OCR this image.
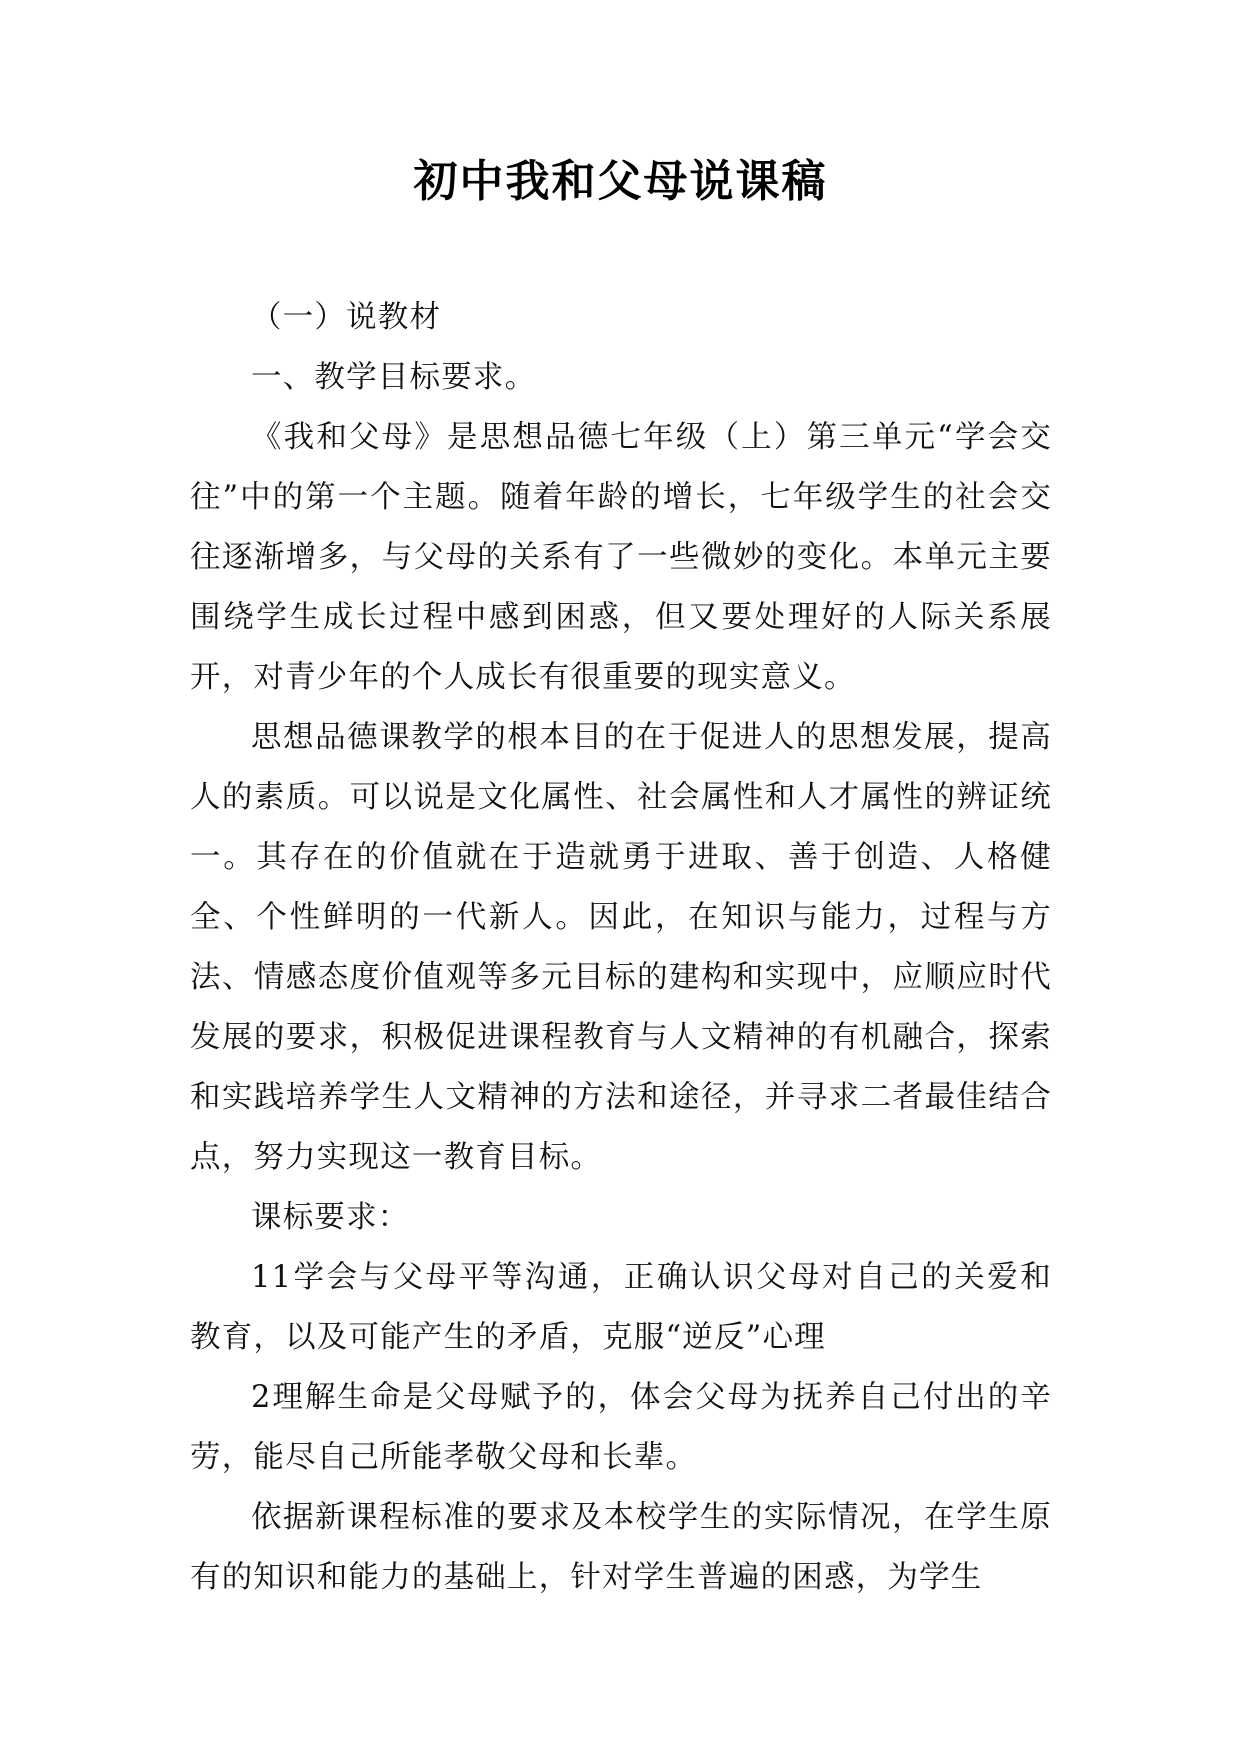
初中我和父母说课稿

（一）说教材

一、教学目标要求。

《我和父母》是思想品德七年级（上）第三单元“学会交往”中的第一个主题。随着年龄的增长，七年级学生的社会交往逐渐增多，与父母的关系有了一些微妙的变化。本单元主要围绕学生成长过程中感到困惑，但又要处理好的人际关系展开，对青少年的个人成长有很重要的现实意义。

思想品德课教学的根本目的在于促进人的思想发展，提高人的素质。可以说是文化属性、社会属性和人才属性的辨证统一。其存在的价值就在于造就勇于进取、善于创造、人格健全、个性鲜明的一代新人。因此，在知识与能力，过程与方法、情感态度价值观等多元目标的建构和实现中，应顺应时代发展的要求，积极促进课程教育与人文精神的有机融合，探索和实践培养学生人文精神的方法和途径，并寻求二者最佳结合点，努力实现这一教育目标。

课标要求：

11学会与父母平等沟通，正确认识父母对自己的关爱和教育，以及可能产生的矛盾，克服“逆反”心理

2理解生命是父母赋予的，体会父母为抚养自己付出的辛劳，能尽自己所能孝敬父母和长辈。

依据新课程标准的要求及本校学生的实际情况，在学生原有的知识和能力的基础上，针对学生普遍的困惑，为学生
